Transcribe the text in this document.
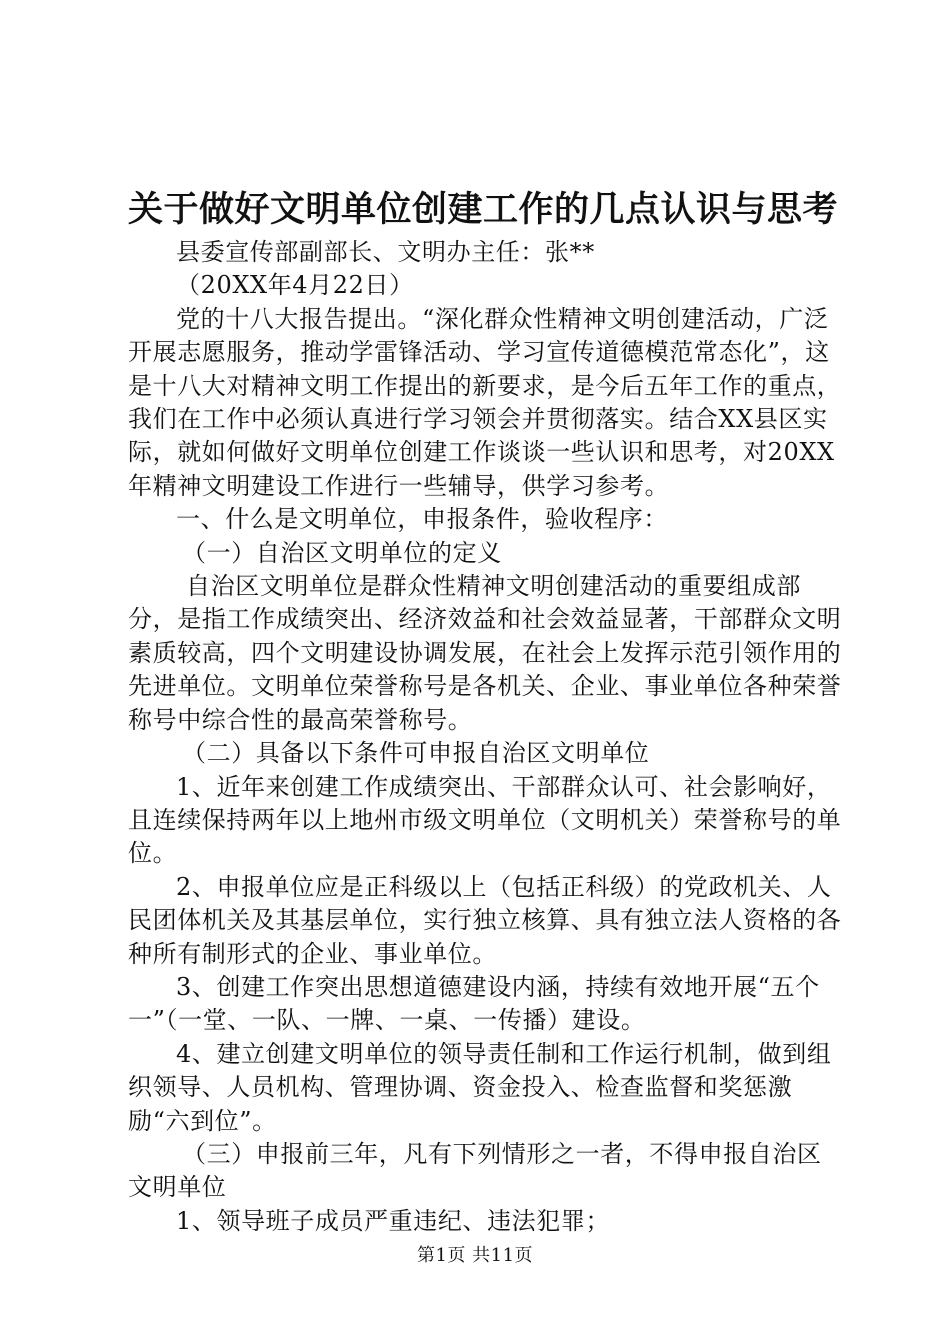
关于做好文明单位创建工作的几点认识与思考

县委宣传部副部长、文明办主任：张**

（20XX年4月22日）

党的十八大报告提出。“深化群众性精神文明创建活动，广泛开展志愿服务，推动学雷锋活动、学习宣传道德模范常态化”，这是十八大对精神文明工作提出的新要求，是今后五年工作的重点，我们在工作中必须认真进行学习领会并贯彻落实。结合XX县区实际，就如何做好文明单位创建工作谈谈一些认识和思考，对20XX年精神文明建设工作进行一些辅导，供学习参考。

一、什么是文明单位，申报条件，验收程序：

（一）自治区文明单位的定义

自治区文明单位是群众性精神文明创建活动的重要组成部分，是指工作成绩突出、经济效益和社会效益显著，干部群众文明素质较高，四个文明建设协调发展，在社会上发挥示范引领作用的先进单位。文明单位荣誉称号是各机关、企业、事业单位各种荣誉称号中综合性的最高荣誉称号。

（二）具备以下条件可申报自治区文明单位

1、近年来创建工作成绩突出、干部群众认可、社会影响好，且连续保持两年以上地州市级文明单位（文明机关）荣誉称号的单位。

2、申报单位应是正科级以上（包括正科级）的党政机关、人民团体机关及其基层单位，实行独立核算、具有独立法人资格的各种所有制形式的企业、事业单位。

3、创建工作突出思想道德建设内涵，持续有效地开展“五个一”（一堂、一队、一牌、一桌、一传播）建设。

4、建立创建文明单位的领导责任制和工作运行机制，做到组织领导、人员机构、管理协调、资金投入、检查监督和奖惩激励“六到位”。

（三）申报前三年，凡有下列情形之一者，不得申报自治区文明单位

1、领导班子成员严重违纪、违法犯罪；

第1页 共11页
